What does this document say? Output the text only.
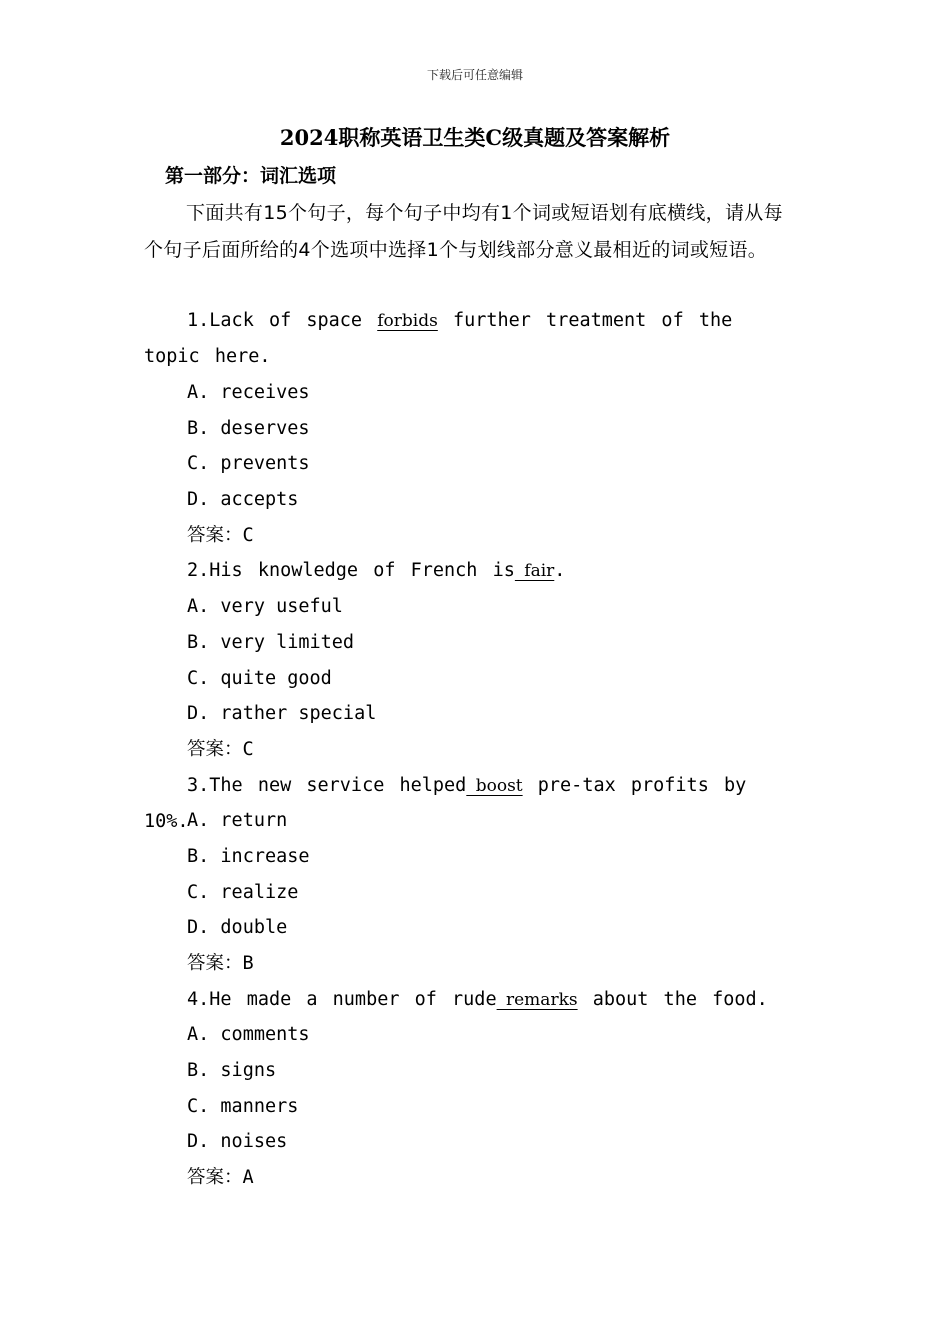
下载后可任意编辑
2024职称英语卫生类C级真题及答案解析
第一部分：词汇选项
下面共有15个句子，每个句子中均有1个词或短语划有底横线，请从每个句子后面所给的4个选项中选择1个与划线部分意义最相近的词或短语。
1.Lack of space forbids further treatment of the topic here.
A. receives
B. deserves
C. prevents
D. accepts
答案：C
2.His knowledge of French is fair.
A. very useful
B. very limited
C. quite good
D. rather special
答案：C
3.The new service helped boost pre-tax profits by 10%.
A. return
B. increase
C. realize
D. double
答案：B
4.He made a number of rude remarks about the food.
A. comments
B. signs
C. manners
D. noises
答案：A
